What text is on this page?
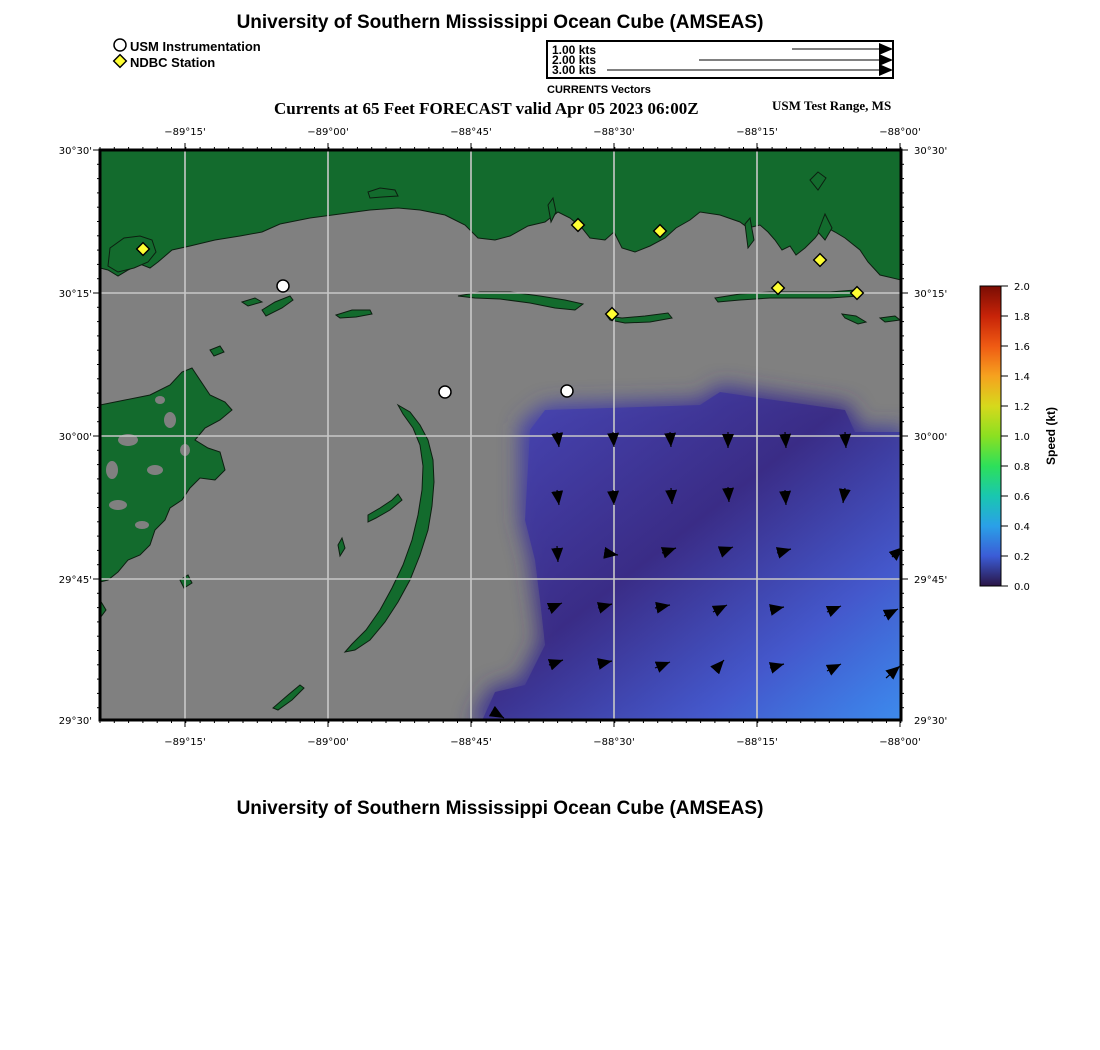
−89°15'	−89°00'	−88°45'	−88°30'	−88°15'	−88°00'
−89°15'	−89°00'	−88°45'	−88°30'	−88°15'	−88°00'
30°30'
30°15'
30°00'
29°45'
29°30'
30°30'
30°15'
30°00'
29°45'
29°30'
2.0
1.8
1.6
1.4
1.2
1.0
0.8
0.6
0.4
0.2
0.0
Speed (kt)
University of Southern Mississippi Ocean Cube (AMSEAS)
USM Instrumentation
NDBC Station
1.00 kts
2.00 kts
3.00 kts
CURRENTS Vectors
Currents at 65 Feet FORECAST valid Apr 05 2023 06:00Z	USM Test Range, MS
University of Southern Mississippi Ocean Cube (AMSEAS)
